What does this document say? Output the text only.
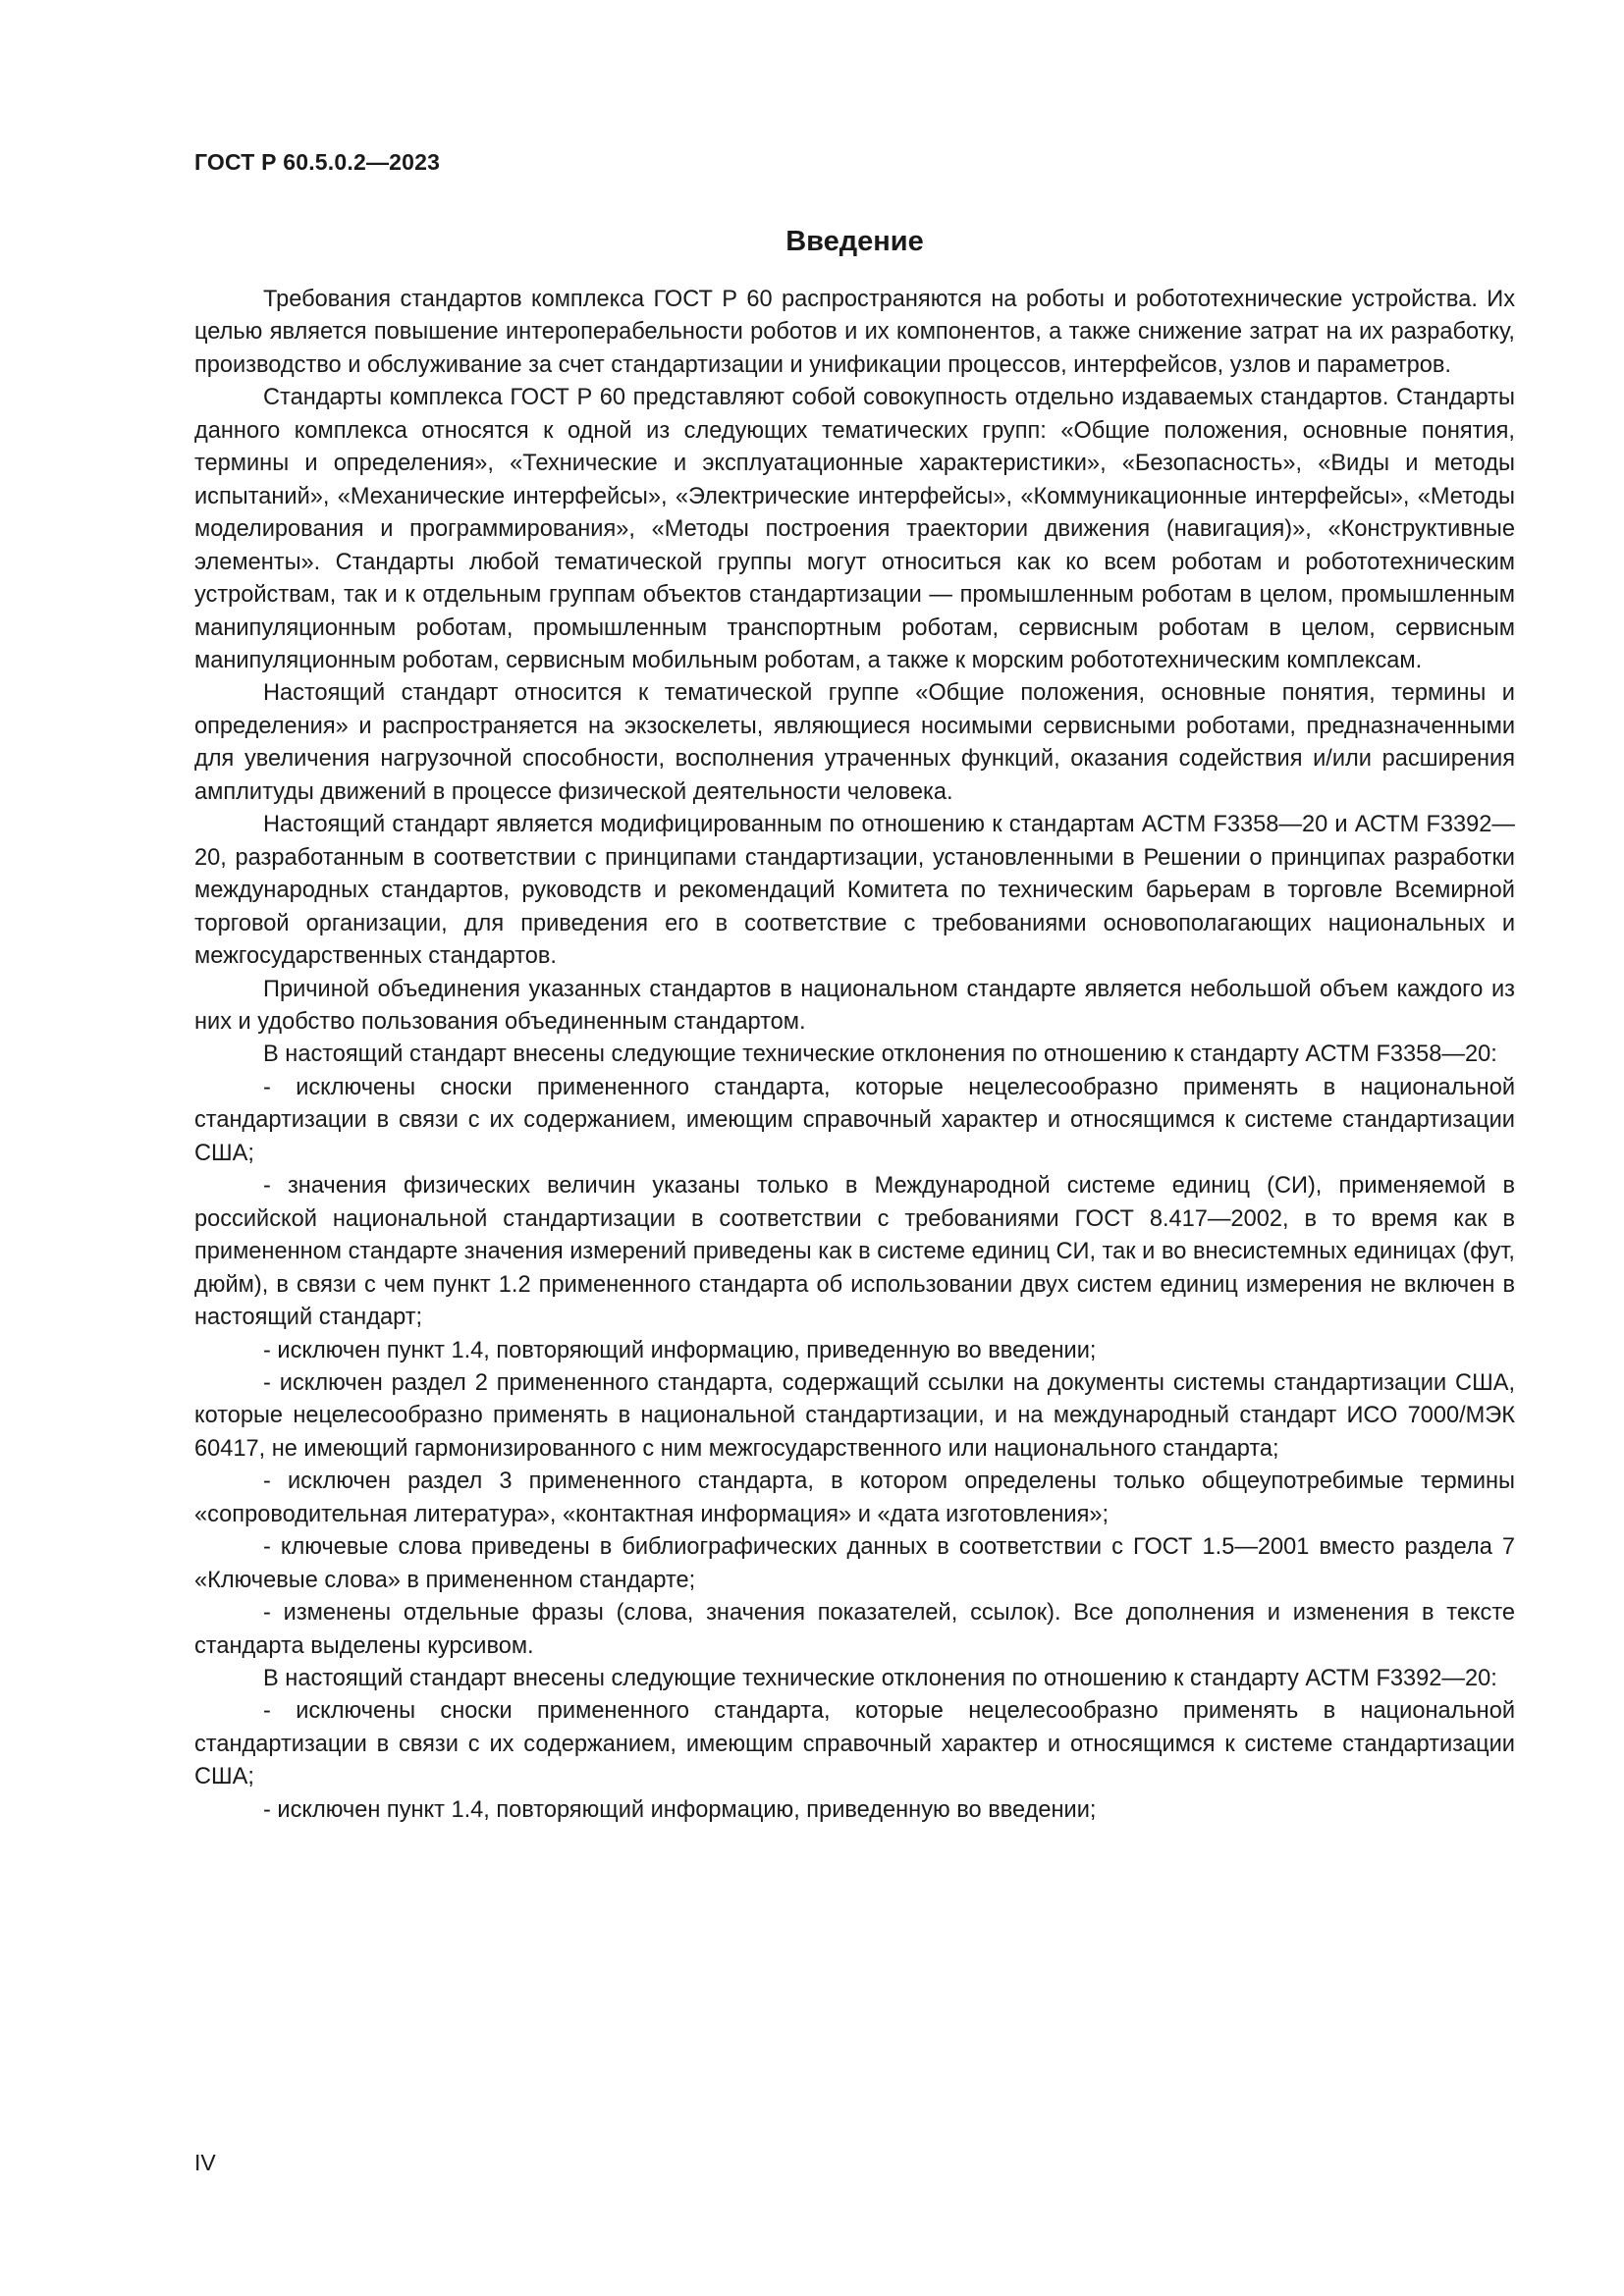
ГОСТ Р 60.5.0.2—2023
Введение

Требования стандартов комплекса ГОСТ Р 60 распространяются на роботы и робототехнические устройства. Их целью является повышение интероперабельности роботов и их компонентов, а также снижение затрат на их разработку, производство и обслуживание за счет стандартизации и унификации процессов, интерфейсов, узлов и параметров.

Стандарты комплекса ГОСТ Р 60 представляют собой совокупность отдельно издаваемых стандартов. Стандарты данного комплекса относятся к одной из следующих тематических групп: «Общие положения, основные понятия, термины и определения», «Технические и эксплуатационные характеристики», «Безопасность», «Виды и методы испытаний», «Механические интерфейсы», «Электрические интерфейсы», «Коммуникационные интерфейсы», «Методы моделирования и программирования», «Методы построения траектории движения (навигация)», «Конструктивные элементы». Стандарты любой тематической группы могут относиться как ко всем роботам и робототехническим устройствам, так и к отдельным группам объектов стандартизации — промышленным роботам в целом, промышленным манипуляционным роботам, промышленным транспортным роботам, сервисным роботам в целом, сервисным манипуляционным роботам, сервисным мобильным роботам, а также к морским робототехническим комплексам.

Настоящий стандарт относится к тематической группе «Общие положения, основные понятия, термины и определения» и распространяется на экзоскелеты, являющиеся носимыми сервисными роботами, предназначенными для увеличения нагрузочной способности, восполнения утраченных функций, оказания содействия и/или расширения амплитуды движений в процессе физической деятельности человека.

Настоящий стандарт является модифицированным по отношению к стандартам АСТМ F3358—20 и АСТМ F3392—20, разработанным в соответствии с принципами стандартизации, установленными в Решении о принципах разработки международных стандартов, руководств и рекомендаций Комитета по техническим барьерам в торговле Всемирной торговой организации, для приведения его в соответствие с требованиями основополагающих национальных и межгосударственных стандартов.

Причиной объединения указанных стандартов в национальном стандарте является небольшой объем каждого из них и удобство пользования объединенным стандартом.

В настоящий стандарт внесены следующие технические отклонения по отношению к стандарту АСТМ F3358—20:

- исключены сноски примененного стандарта, которые нецелесообразно применять в национальной стандартизации в связи с их содержанием, имеющим справочный характер и относящимся к системе стандартизации США;

- значения физических величин указаны только в Международной системе единиц (СИ), применяемой в российской национальной стандартизации в соответствии с требованиями ГОСТ 8.417—2002, в то время как в примененном стандарте значения измерений приведены как в системе единиц СИ, так и во внесистемных единицах (фут, дюйм), в связи с чем пункт 1.2 примененного стандарта об использовании двух систем единиц измерения не включен в настоящий стандарт;

- исключен пункт 1.4, повторяющий информацию, приведенную во введении;

- исключен раздел 2 примененного стандарта, содержащий ссылки на документы системы стандартизации США, которые нецелесообразно применять в национальной стандартизации, и на международный стандарт ИСО 7000/МЭК 60417, не имеющий гармонизированного с ним межгосударственного или национального стандарта;

- исключен раздел 3 примененного стандарта, в котором определены только общеупотребимые термины «сопроводительная литература», «контактная информация» и «дата изготовления»;

- ключевые слова приведены в библиографических данных в соответствии с ГОСТ 1.5—2001 вместо раздела 7 «Ключевые слова» в примененном стандарте;

- изменены отдельные фразы (слова, значения показателей, ссылок). Все дополнения и изменения в тексте стандарта выделены курсивом.

В настоящий стандарт внесены следующие технические отклонения по отношению к стандарту АСТМ F3392—20:

- исключены сноски примененного стандарта, которые нецелесообразно применять в национальной стандартизации в связи с их содержанием, имеющим справочный характер и относящимся к системе стандартизации США;

- исключен пункт 1.4, повторяющий информацию, приведенную во введении;

IV
